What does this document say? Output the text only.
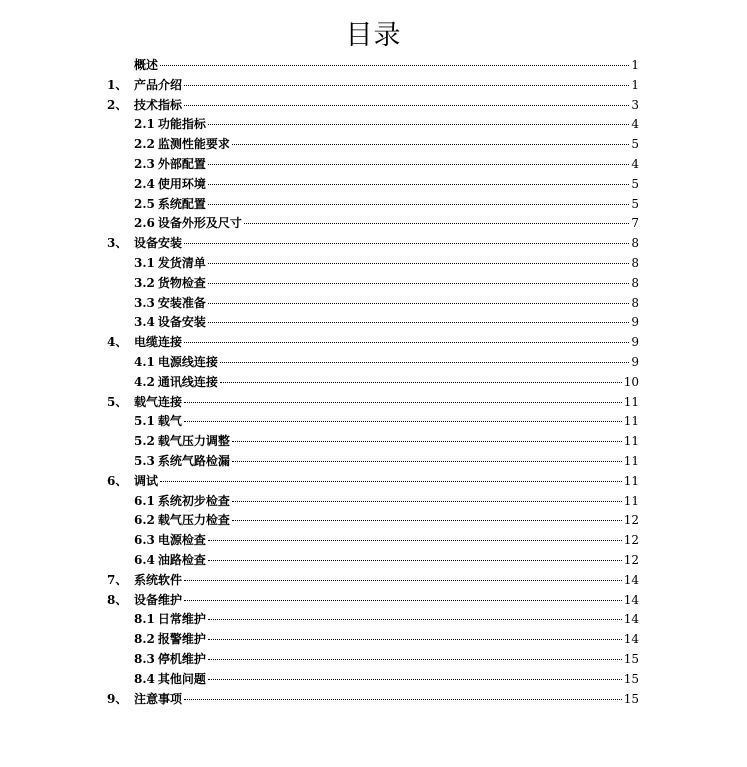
目录
概述	1
1、 产品介绍	1
2、 技术指标	3
2.1 功能指标	4
2.2 监测性能要求	5
2.3 外部配置	4
2.4 使用环境	5
2.5 系统配置	5
2.6 设备外形及尺寸	7
3、 设备安装	8
3.1 发货清单	8
3.2 货物检查	8
3.3 安装准备	8
3.4 设备安装	9
4、 电缆连接	9
4.1 电源线连接	9
4.2 通讯线连接	10
5、 载气连接	11
5.1 载气	11
5.2 载气压力调整	11
5.3 系统气路检漏	11
6、 调试	11
6.1 系统初步检查	11
6.2 载气压力检查	12
6.3 电源检查	12
6.4 油路检查	12
7、 系统软件	14
8、 设备维护	14
8.1 日常维护	14
8.2 报警维护	14
8.3 停机维护	15
8.4 其他问题	15
9、 注意事项	15
